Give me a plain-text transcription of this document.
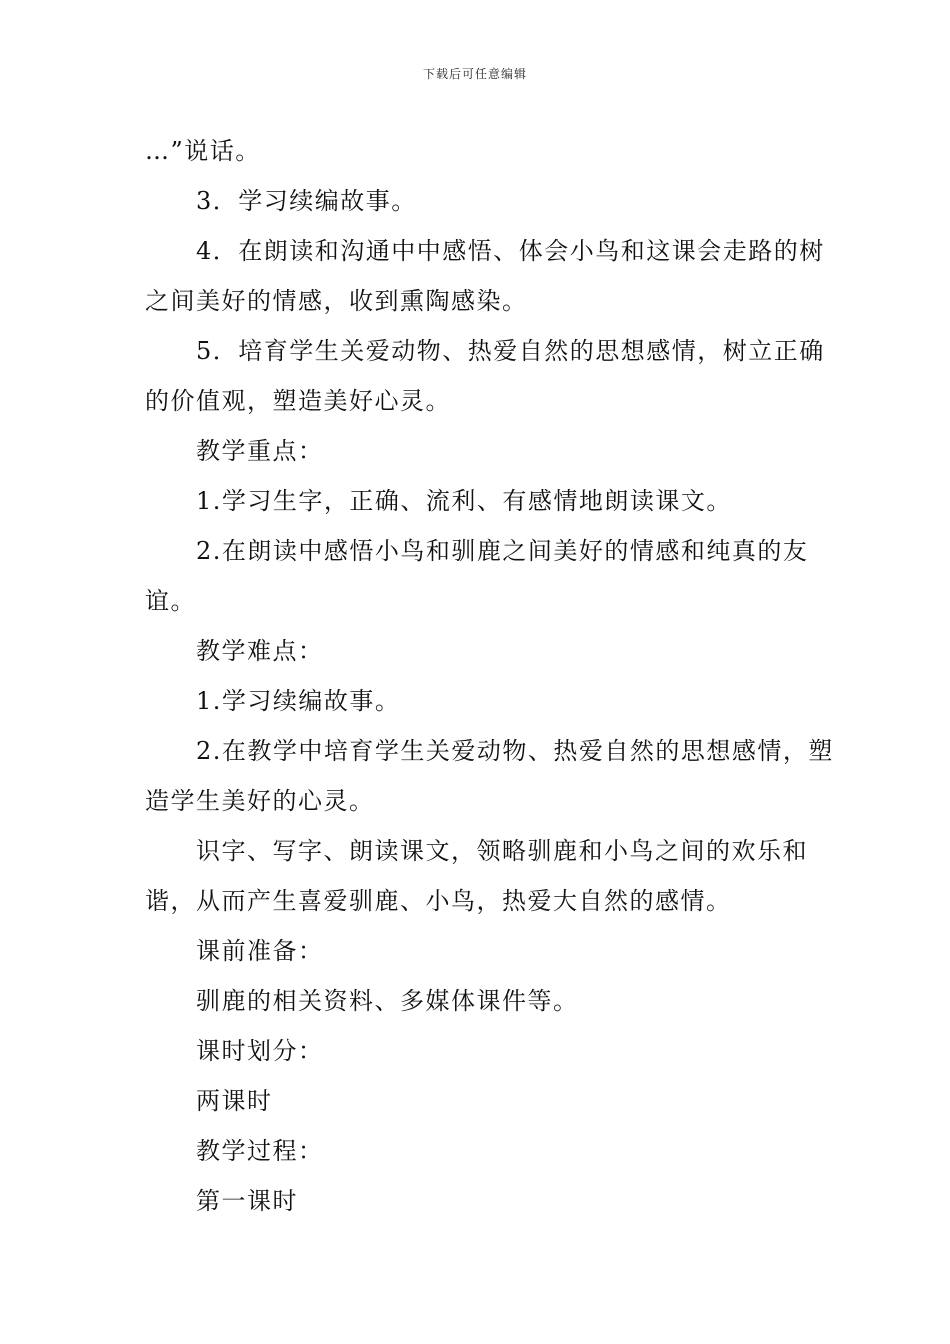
下载后可任意编辑

…”说话。

3．学习续编故事。

4．在朗读和沟通中中感悟、体会小鸟和这课会走路的树之间美好的情感，收到熏陶感染。

5．培育学生关爱动物、热爱自然的思想感情，树立正确的价值观，塑造美好心灵。

教学重点：

1.学习生字，正确、流利、有感情地朗读课文。

2.在朗读中感悟小鸟和驯鹿之间美好的情感和纯真的友谊。

教学难点：

1.学习续编故事。

2.在教学中培育学生关爱动物、热爱自然的思想感情，塑造学生美好的心灵。

识字、写字、朗读课文，领略驯鹿和小鸟之间的欢乐和谐，从而产生喜爱驯鹿、小鸟，热爱大自然的感情。

课前准备：

驯鹿的相关资料、多媒体课件等。

课时划分：

两课时

教学过程：

第一课时
